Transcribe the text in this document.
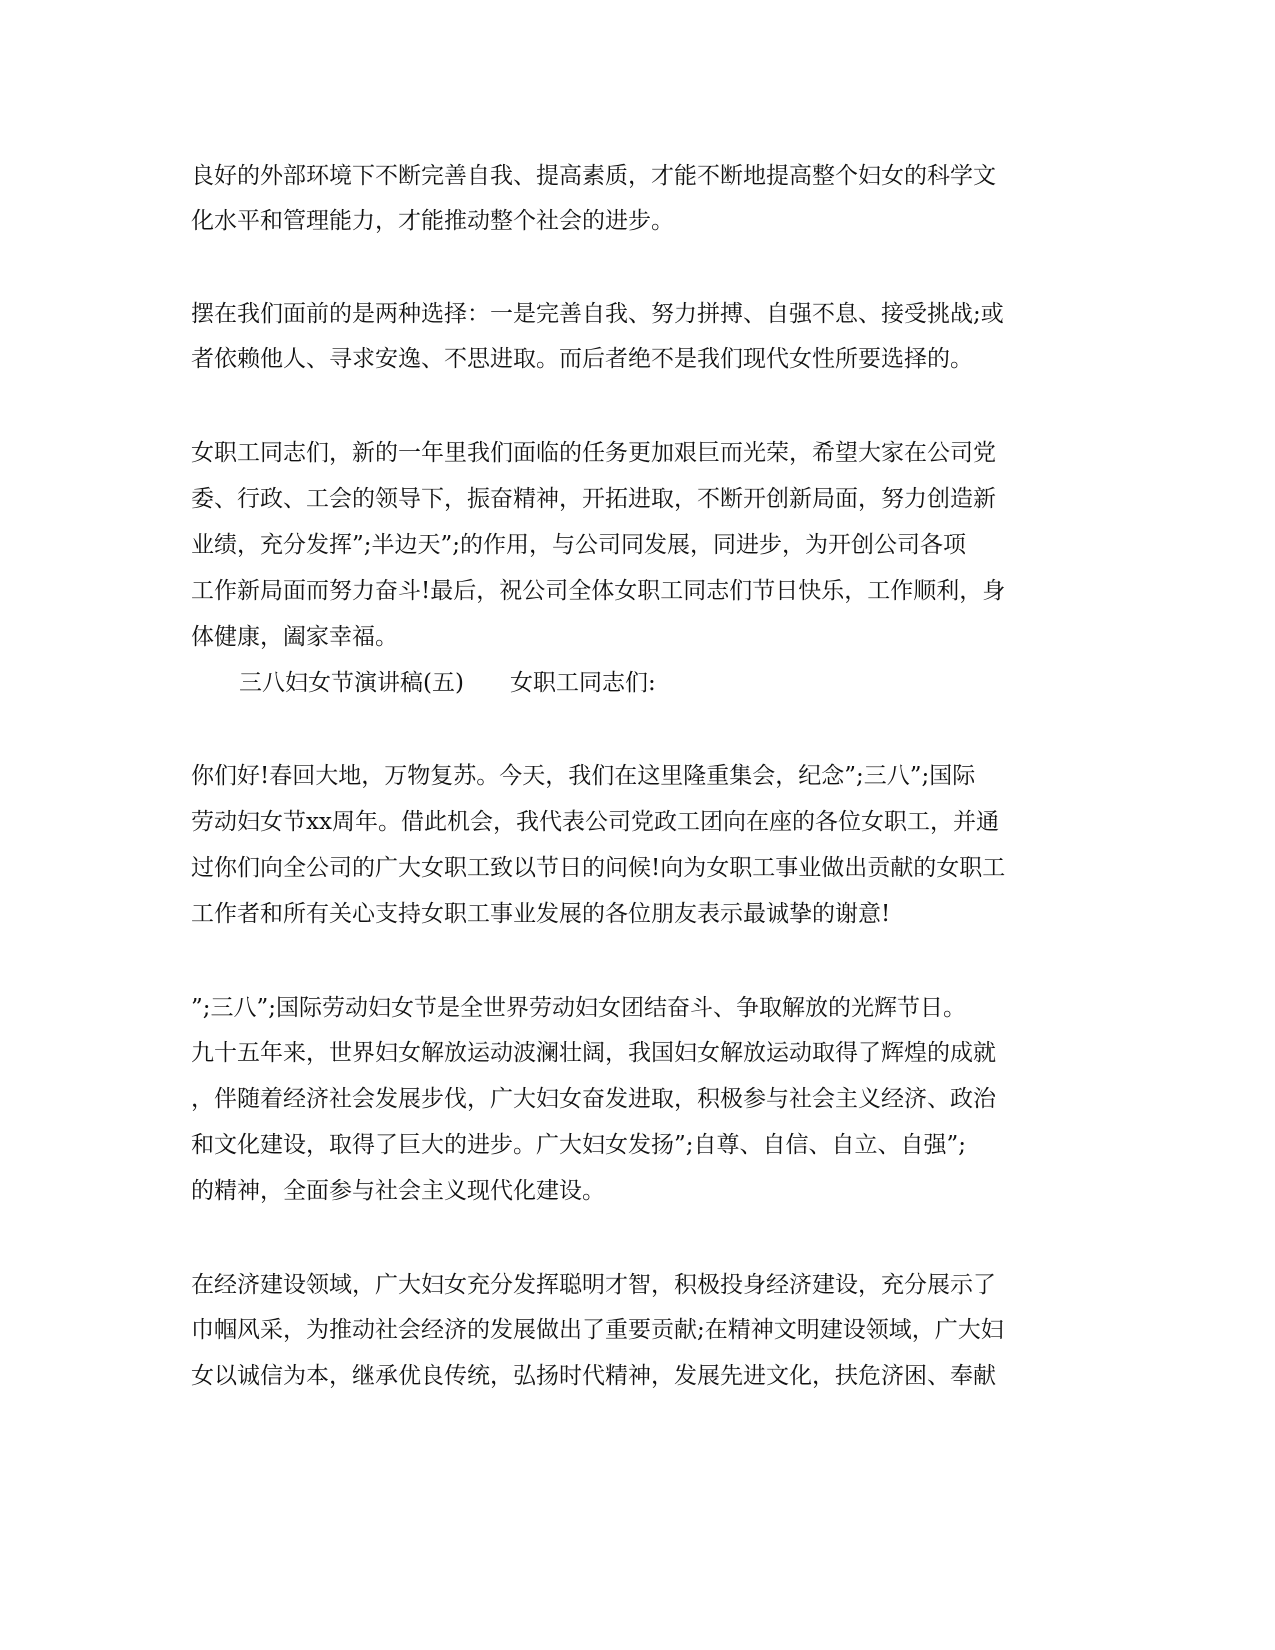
良好的外部环境下不断完善自我、提高素质，才能不断地提高整个妇女的科学文
化水平和管理能力，才能推动整个社会的进步。
摆在我们面前的是两种选择：一是完善自我、努力拼搏、自强不息、接受挑战;或
者依赖他人、寻求安逸、不思进取。而后者绝不是我们现代女性所要选择的。
女职工同志们，新的一年里我们面临的任务更加艰巨而光荣，希望大家在公司党
委、行政、工会的领导下，振奋精神，开拓进取，不断开创新局面，努力创造新
业绩，充分发挥”;半边天”;的作用，与公司同发展，同进步，为开创公司各项
工作新局面而努力奋斗!最后，祝公司全体女职工同志们节日快乐，工作顺利，身
体健康，阖家幸福。
三八妇女节演讲稿(五)　　女职工同志们:
你们好!春回大地，万物复苏。今天，我们在这里隆重集会，纪念”;三八”;国际
劳动妇女节xx周年。借此机会，我代表公司党政工团向在座的各位女职工，并通
过你们向全公司的广大女职工致以节日的问候!向为女职工事业做出贡献的女职工
工作者和所有关心支持女职工事业发展的各位朋友表示最诚挚的谢意!
”;三八”;国际劳动妇女节是全世界劳动妇女团结奋斗、争取解放的光辉节日。
九十五年来，世界妇女解放运动波澜壮阔，我国妇女解放运动取得了辉煌的成就
，伴随着经济社会发展步伐，广大妇女奋发进取，积极参与社会主义经济、政治
和文化建设，取得了巨大的进步。广大妇女发扬”;自尊、自信、自立、自强”;
的精神，全面参与社会主义现代化建设。
在经济建设领域，广大妇女充分发挥聪明才智，积极投身经济建设，充分展示了
巾帼风采，为推动社会经济的发展做出了重要贡献;在精神文明建设领域，广大妇
女以诚信为本，继承优良传统，弘扬时代精神，发展先进文化，扶危济困、奉献
